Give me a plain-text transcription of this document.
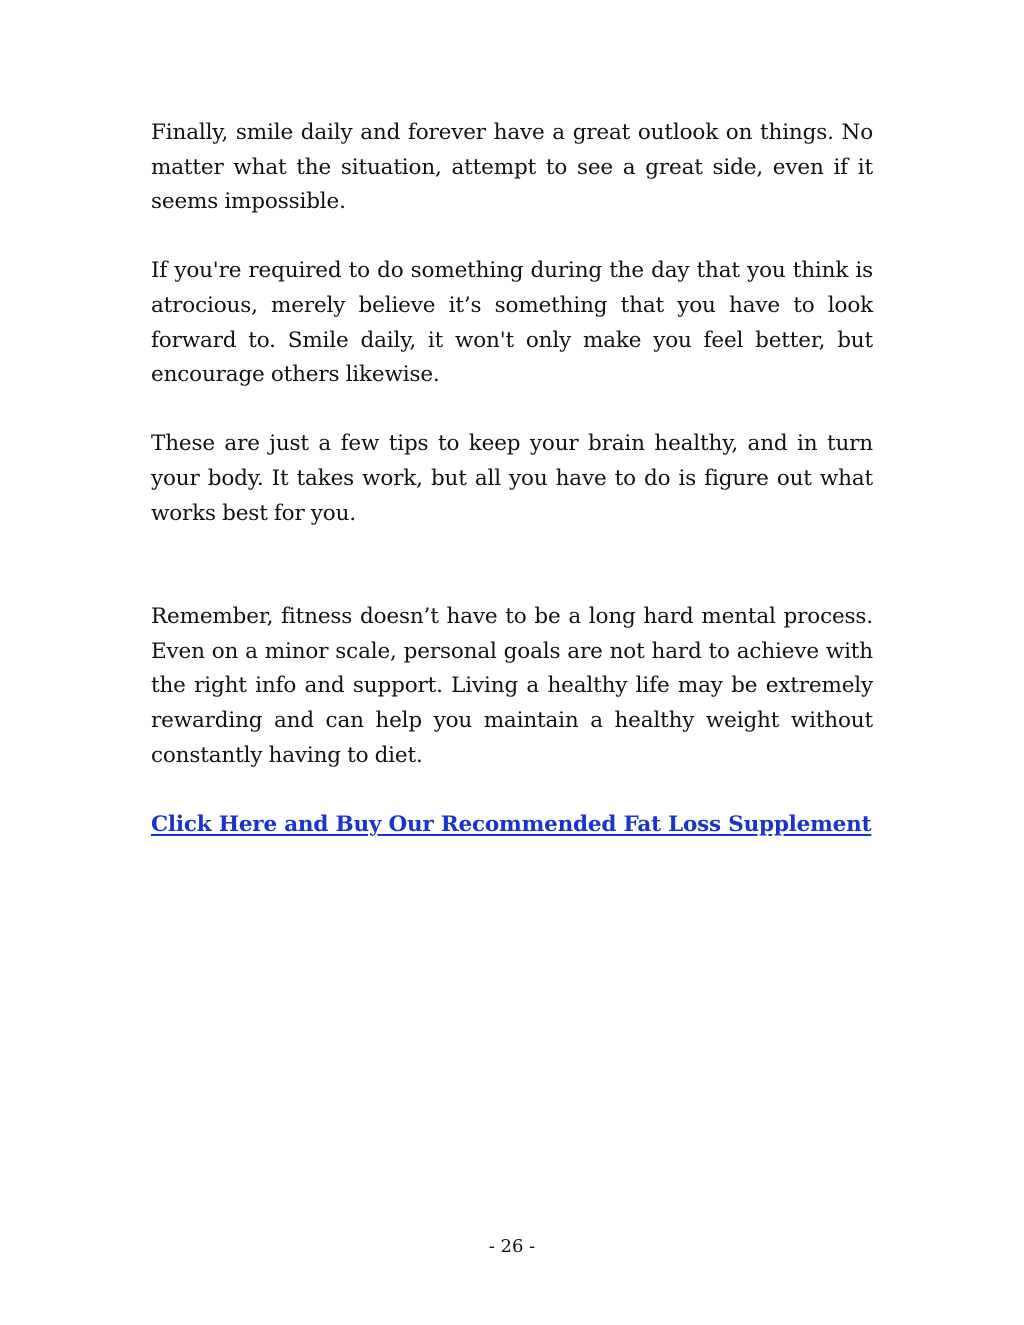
Finally, smile daily and forever have a great outlook on things. No matter what the situation, attempt to see a great side, even if it seems impossible.

If you're required to do something during the day that you think is atrocious, merely believe it’s something that you have to look forward to. Smile daily, it won't only make you feel better, but encourage others likewise.

These are just a few tips to keep your brain healthy, and in turn your body. It takes work, but all you have to do is figure out what works best for you.

Remember, fitness doesn’t have to be a long hard mental process. Even on a minor scale, personal goals are not hard to achieve with the right info and support. Living a healthy life may be extremely rewarding and can help you maintain a healthy weight without constantly having to diet.

Click Here and Buy Our Recommended Fat Loss Supplement
- 26 -
